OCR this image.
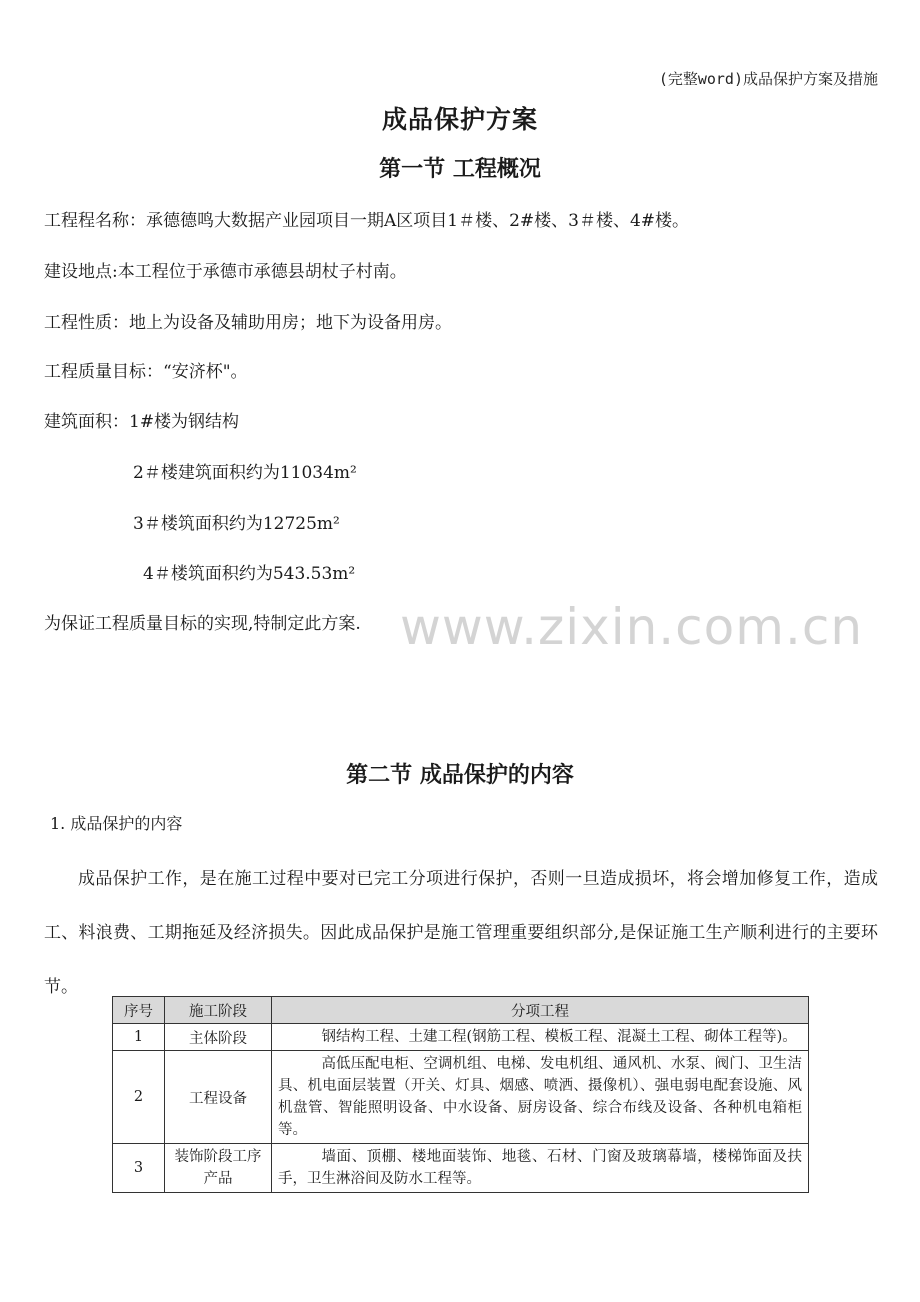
(完整word)成品保护方案及措施
成品保护方案
第一节 工程概况
工程程名称：承德德鸣大数据产业园项目一期A区项目1＃楼、2#楼、3＃楼、4#楼。
建设地点:本工程位于承德市承德县胡杖子村南。
工程性质：地上为设备及辅助用房；地下为设备用房。
工程质量目标：“安济杯"。
建筑面积：1#楼为钢结构
2＃楼建筑面积约为11034m²
3＃楼筑面积约为12725m²
4＃楼筑面积约为543.53m²
为保证工程质量目标的实现,特制定此方案. www.zixin.com.cn
第二节 成品保护的内容
1. 成品保护的内容
成品保护工作，是在施工过程中要对已完工分项进行保护，否则一旦造成损坏，将会增加修复工作，造成工、料浪费、工期拖延及经济损失。因此成品保护是施工管理重要组织部分,是保证施工生产顺利进行的主要环节。
序号	施工阶段	分项工程
1	主体阶段	钢结构工程、土建工程(钢筋工程、模板工程、混凝土工程、砌体工程等)。
2	工程设备	高低压配电柜、空调机组、电梯、发电机组、通风机、水泵、阀门、卫生洁具、机电面层装置（开关、灯具、烟感、喷洒、摄像机）、强电弱电配套设施、风机盘管、智能照明设备、中水设备、厨房设备、综合布线及设备、各种机电箱柜等。
3	装饰阶段工序产品	墙面、顶棚、楼地面装饰、地毯、石材、门窗及玻璃幕墙，楼梯饰面及扶手，卫生淋浴间及防水工程等。
